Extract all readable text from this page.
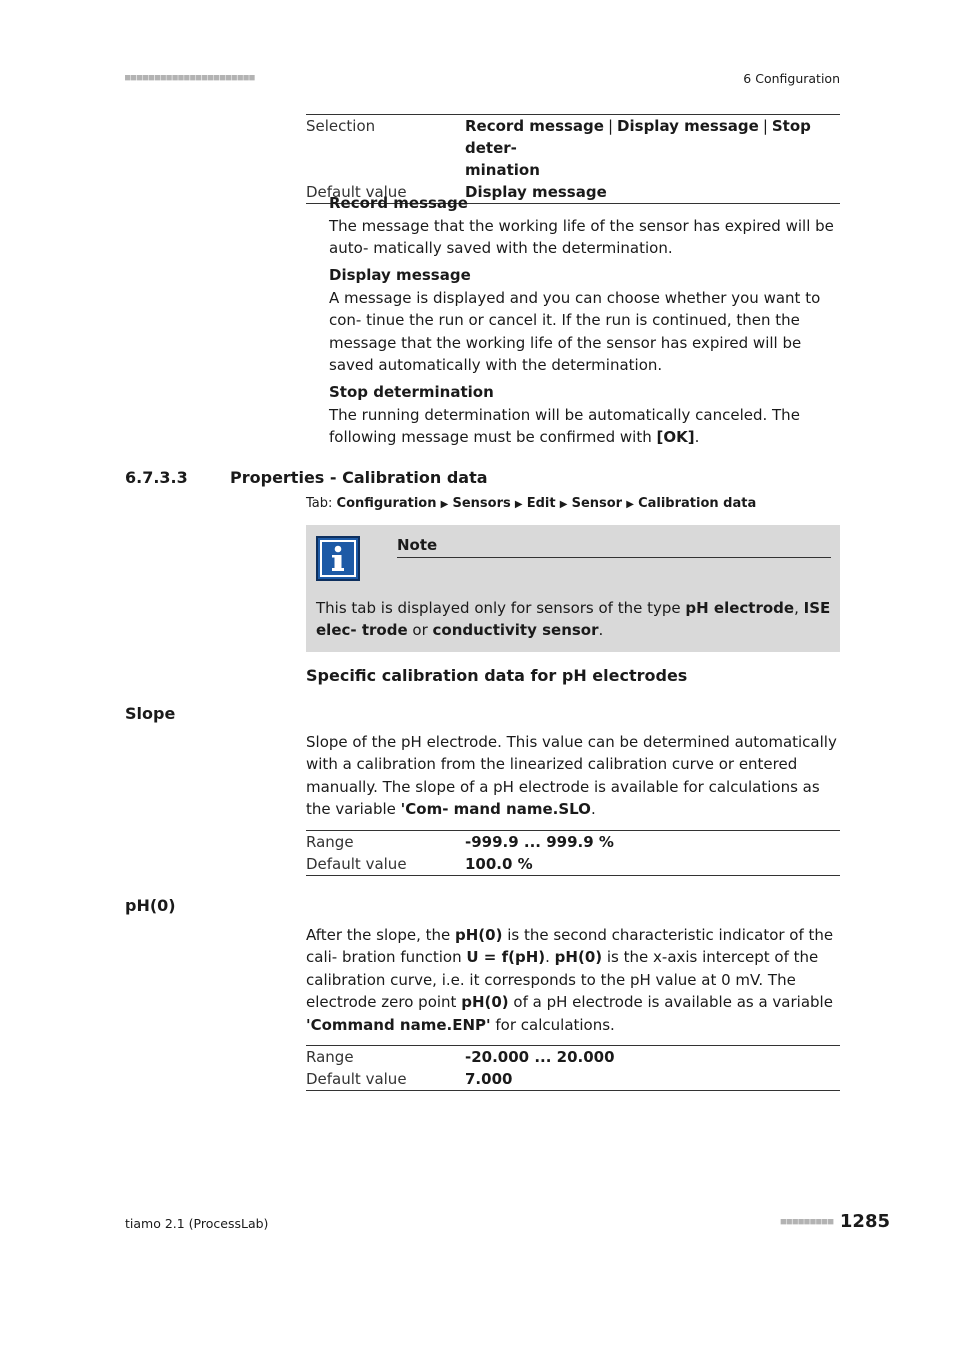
■■■■■■■■■■■■■■■■■■■■■■	6 Configuration
Selection	Record message | Display message | Stop deter-
mination
Default value	Display message
Record message
The message that the working life of the sensor has expired will be auto- matically saved with the determination.
Display message
A message is displayed and you can choose whether you want to con- tinue the run or cancel it. If the run is continued, then the message that the working life of the sensor has expired will be saved automatically with the determination.
Stop determination
The running determination will be automatically canceled. The following message must be confirmed with [OK].
6.7.3.3	Properties - Calibration data
Tab: Configuration ▶ Sensors ▶ Edit ▶ Sensor ▶ Calibration data
Note
This tab is displayed only for sensors of the type pH electrode, ISE elec- trode or conductivity sensor.
Specific calibration data for pH electrodes
Slope
Slope of the pH electrode. This value can be determined automatically with a calibration from the linearized calibration curve or entered manually. The slope of a pH electrode is available for calculations as the variable 'Com- mand name.SLO.
Range	-999.9 ... 999.9 %
Default value	100.0 %
pH(0)
After the slope, the pH(0) is the second characteristic indicator of the cali- bration function U = f(pH). pH(0) is the x-axis intercept of the calibration curve, i.e. it corresponds to the pH value at 0 mV. The electrode zero point pH(0) of a pH electrode is available as a variable 'Command name.ENP' for calculations.
Range	-20.000 ... 20.000
Default value	7.000
tiamo 2.1 (ProcessLab)	■■■■■■■■■ 1285
